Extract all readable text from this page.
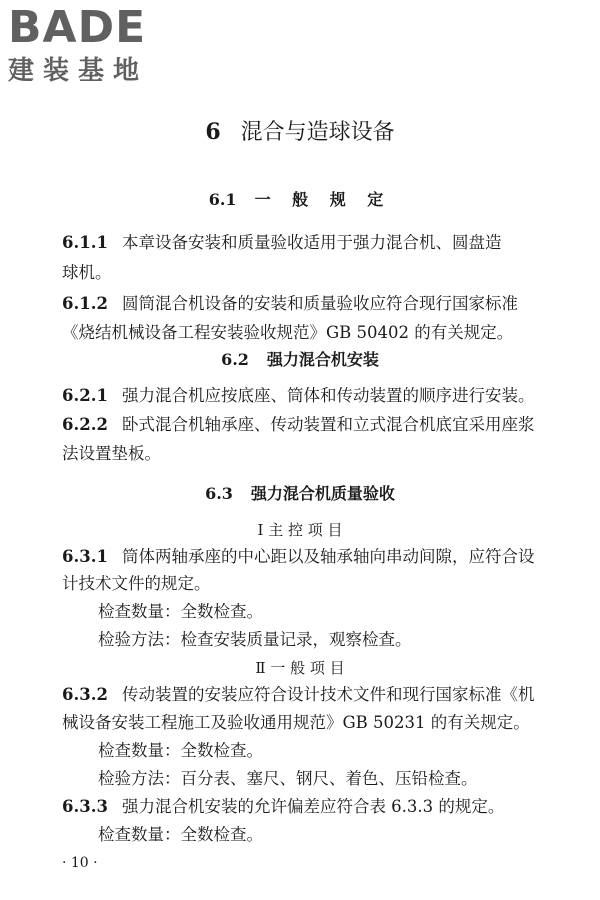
BADE
建装基地
6 混合与造球设备
6.1 一 般 规 定
6.1.1 本章设备安装和质量验收适用于强力混合机、圆盘造
球机。
6.1.2 圆筒混合机设备的安装和质量验收应符合现行国家标准
《烧结机械设备工程安装验收规范》GB 50402 的有关规定。
6.2 强力混合机安装
6.2.1 强力混合机应按底座、筒体和传动装置的顺序进行安装。
6.2.2 卧式混合机轴承座、传动装置和立式混合机底宜采用座浆
法设置垫板。
6.3 强力混合机质量验收
Ⅰ 主 控 项 目
6.3.1 筒体两轴承座的中心距以及轴承轴向串动间隙，应符合设
计技术文件的规定。
检查数量：全数检查。
检验方法：检查安装质量记录，观察检查。
Ⅱ 一 般 项 目
6.3.2 传动装置的安装应符合设计技术文件和现行国家标准《机
械设备安装工程施工及验收通用规范》GB 50231 的有关规定。
检查数量：全数检查。
检验方法：百分表、塞尺、钢尺、着色、压铅检查。
6.3.3 强力混合机安装的允许偏差应符合表 6.3.3 的规定。
检查数量：全数检查。
· 10 ·
